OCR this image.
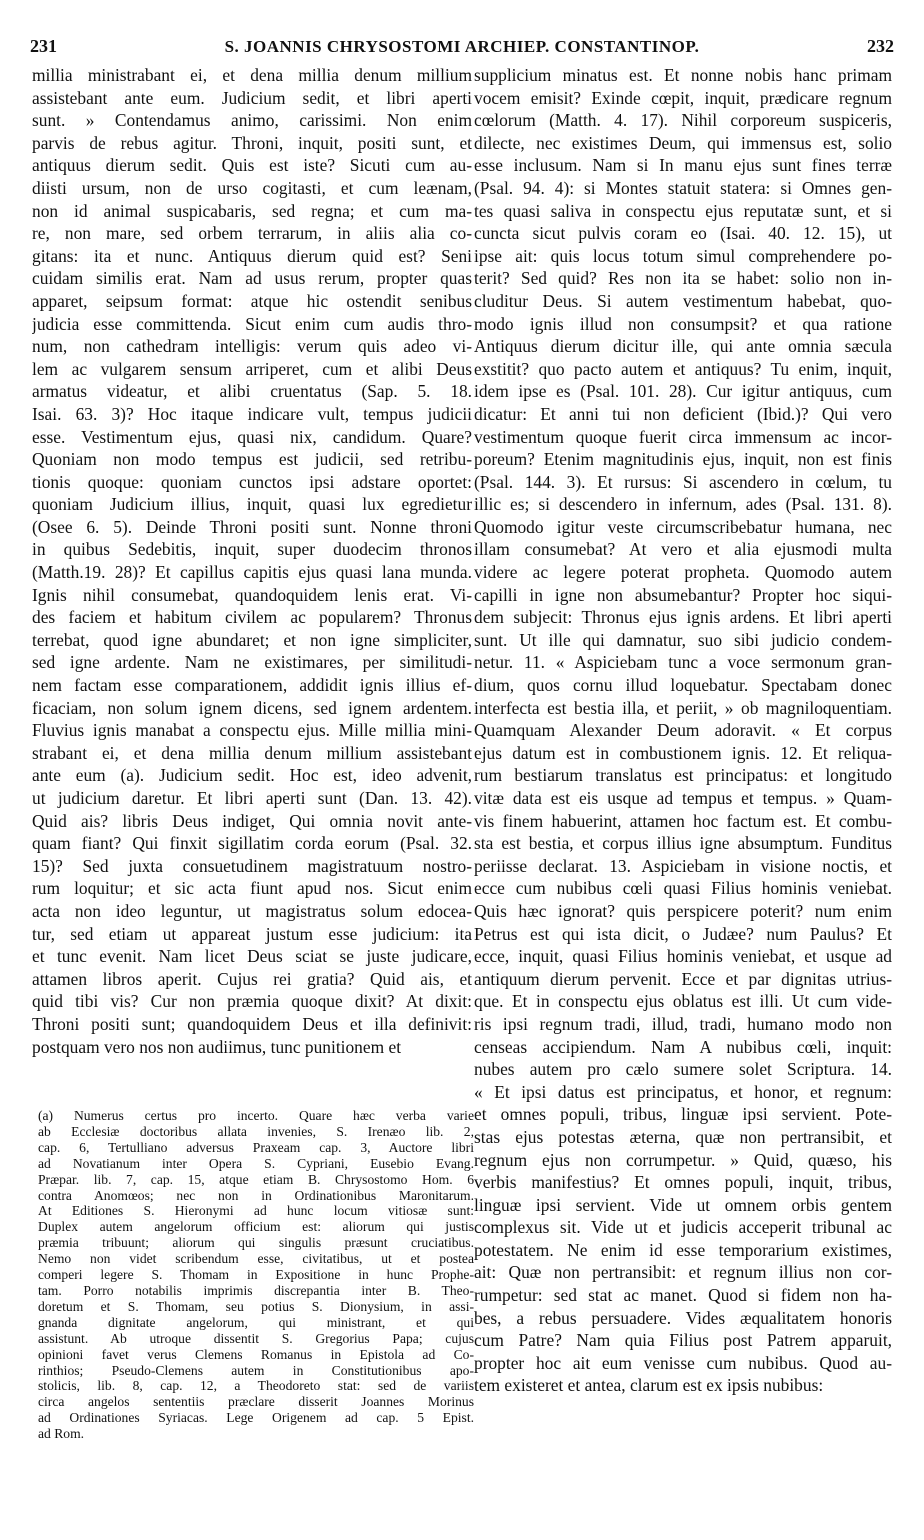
231	S. JOANNIS CHRYSOSTOMI ARCHIEP. CONSTANTINOP.	232

millia ministrabant ei, et dena millia denum millium

assistebant ante eum. Judicium sedit, et libri aperti

sunt. » Contendamus animo, carissimi. Non enim

parvis de rebus agitur. Throni, inquit, positi sunt, et

antiquus dierum sedit. Quis est iste? Sicuti cum au-

diisti ursum, non de urso cogitasti, et cum leænam,

non id animal suspicabaris, sed regna; et cum ma-

re, non mare, sed orbem terrarum, in aliis alia co-

gitans: ita et nunc. Antiquus dierum quid est? Seni

cuidam similis erat. Nam ad usus rerum, propter quas

apparet, seipsum format: atque hic ostendit senibus

judicia esse committenda. Sicut enim cum audis thro-

num, non cathedram intelligis: verum quis adeo vi-

lem ac vulgarem sensum arriperet, cum et alibi Deus

armatus videatur, et alibi cruentatus (Sap. 5. 18.

Isai. 63. 3)? Hoc itaque indicare vult, tempus judicii

esse. Vestimentum ejus, quasi nix, candidum. Quare?

Quoniam non modo tempus est judicii, sed retribu-

tionis quoque: quoniam cunctos ipsi adstare oportet:

quoniam Judicium illius, inquit, quasi lux egredietur

(Osee 6. 5). Deinde Throni positi sunt. Nonne throni

in quibus Sedebitis, inquit, super duodecim thronos

(Matth.19. 28)? Et capillus capitis ejus quasi lana munda.

Ignis nihil consumebat, quandoquidem lenis erat. Vi-

des faciem et habitum civilem ac popularem? Thronus

terrebat, quod igne abundaret; et non igne simpliciter,

sed igne ardente. Nam ne existimares, per similitudi-

nem factam esse comparationem, addidit ignis illius ef-

ficaciam, non solum ignem dicens, sed ignem ardentem.

Fluvius ignis manabat a conspectu ejus. Mille millia mini-

strabant ei, et dena millia denum millium assistebant

ante eum (a). Judicium sedit. Hoc est, ideo advenit,

ut judicium daretur. Et libri aperti sunt (Dan. 13. 42).

Quid ais? libris Deus indiget, Qui omnia novit ante-

quam fiant? Qui finxit sigillatim corda eorum (Psal. 32.

15)? Sed juxta consuetudinem magistratuum nostro-

rum loquitur; et sic acta fiunt apud nos. Sicut enim

acta non ideo leguntur, ut magistratus solum edoceа-

tur, sed etiam ut appareat justum esse judicium: ita

et tunc evenit. Nam licet Deus sciat se juste judicare,

attamen libros aperit. Cujus rei gratia? Quid ais, et

quid tibi vis? Cur non præmia quoque dixit? At dixit:

Throni positi sunt; quandoquidem Deus et illa definivit:

postquam vero nos non audiimus, tunc punitionem et

(a) Numerus certus pro incerto. Quare hæc verba varie

ab Ecclesiæ doctoribus allata invenies, S. Irenæo lib. 2,

cap. 6, Tertulliano adversus Praxeam cap. 3, Auctore libri

ad Novatianum inter Opera S. Cypriani, Eusebio Evang.

Præpar. lib. 7, cap. 15, atque etiam B. Chrysostomo Hom. 6

contra Anomœos; nec non in Ordinationibus Maronitarum.

At Editiones S. Hieronymi ad hunc locum vitiosæ sunt:

Duplex autem angelorum officium est: aliorum qui justis

præmia tribuunt; aliorum qui singulis præsunt cruciatibus.

Nemo non videt scribendum esse, civitatibus, ut et postea

comperi legere S. Thomam in Expositione in hunc Prophe-

tam. Porro notabilis imprimis discrepantia inter B. Theo-

doretum et S. Thomam, seu potius S. Dionysium, in assi-

gnanda dignitate angelorum, qui ministrant, et qui

assistunt. Ab utroque dissentit S. Gregorius Papa; cujus

opinioni favet verus Clemens Romanus in Epistola ad Co-

rinthios; Pseudo-Clemens autem in Constitutionibus apo-

stolicis, lib. 8, cap. 12, a Theodoreto stat: sed de variis

circa angelos sententiis præclare disserit Joannes Morinus

ad Ordinationes Syriacas. Lege Origenem ad cap. 5 Epist.

ad Rom.

supplicium minatus est. Et nonne nobis hanc primam

vocem emisit? Exinde cœpit, inquit, prædicare regnum

cœlorum (Matth. 4. 17). Nihil corporeum suspiceris,

dilecte, nec existimes Deum, qui immensus est, solio

esse inclusum. Nam si In manu ejus sunt fines terræ

(Psal. 94. 4): si Montes statuit statera: si Omnes gen-

tes quasi saliva in conspectu ejus reputatæ sunt, et si

cuncta sicut pulvis coram eo (Isai. 40. 12. 15), ut

ipse ait: quis locus totum simul comprehendere po-

terit? Sed quid? Res non ita se habet: solio non in-

cluditur Deus. Si autem vestimentum habebat, quo-

modo ignis illud non consumpsit? et qua ratione

Antiquus dierum dicitur ille, qui ante omnia sæcula

exstitit? quo pacto autem et antiquus? Tu enim, inquit,

idem ipse es (Psal. 101. 28). Cur igitur antiquus, cum

dicatur: Et anni tui non deficient (Ibid.)? Qui vero

vestimentum quoque fuerit circa immensum ac incor-

poreum? Etenim magnitudinis ejus, inquit, non est finis

(Psal. 144. 3). Et rursus: Si ascendero in cœlum, tu

illic es; si descendero in infernum, ades (Psal. 131. 8).

Quomodo igitur veste circumscribebatur humana, nec

illam consumebat? At vero et alia ejusmodi multa

videre ac legere poterat propheta. Quomodo autem

capilli in igne non absumebantur? Propter hoc siqui-

dem subjecit: Thronus ejus ignis ardens. Et libri aperti

sunt. Ut ille qui damnatur, suo sibi judicio condem-

netur. 11. « Aspiciebam tunc a voce sermonum gran-

dium, quos cornu illud loquebatur. Spectabam donec

interfecta est bestia illa, et periit, » ob magniloquentiam.

Quamquam Alexander Deum adoravit. « Et corpus

ejus datum est in combustionem ignis. 12. Et reliqua-

rum bestiarum translatus est principatus: et longitudo

vitæ data est eis usque ad tempus et tempus. » Quam-

vis finem habuerint, attamen hoc factum est. Et combu-

sta est bestia, et corpus illius igne absumptum. Funditus

periisse declarat. 13. Aspiciebam in visione noctis, et

ecce cum nubibus cœli quasi Filius hominis veniebat.

Quis hæc ignorat? quis perspicere poterit? num enim

Petrus est qui ista dicit, o Judæe? num Paulus? Et

ecce, inquit, quasi Filius hominis veniebat, et usque ad

antiquum dierum pervenit. Ecce et par dignitas utrius-

que. Et in conspectu ejus oblatus est illi. Ut cum vide-

ris ipsi regnum tradi, illud, tradi, humano modo non

censeas accipiendum. Nam A nubibus cœli, inquit:

nubes autem pro cælo sumere solet Scriptura. 14.

« Et ipsi datus est principatus, et honor, et regnum:

et omnes populi, tribus, linguæ ipsi servient. Pote-

stas ejus potestas æterna, quæ non pertransibit, et

regnum ejus non corrumpetur. » Quid, quæso, his

verbis manifestius? Et omnes populi, inquit, tribus,

linguæ ipsi servient. Vide ut omnem orbis gentem

complexus sit. Vide ut et judicis acceperit tribunal ac

potestatem. Ne enim id esse temporarium existimes,

ait: Quæ non pertransibit: et regnum illius non cor-

rumpetur: sed stat ac manet. Quod si fidem non ha-

bes, a rebus persuadere. Vides æqualitatem honoris

cum Patre? Nam quia Filius post Patrem apparuit,

propter hoc ait eum venisse cum nubibus. Quod au-

tem existeret et antea, clarum est ex ipsis nubibus:
